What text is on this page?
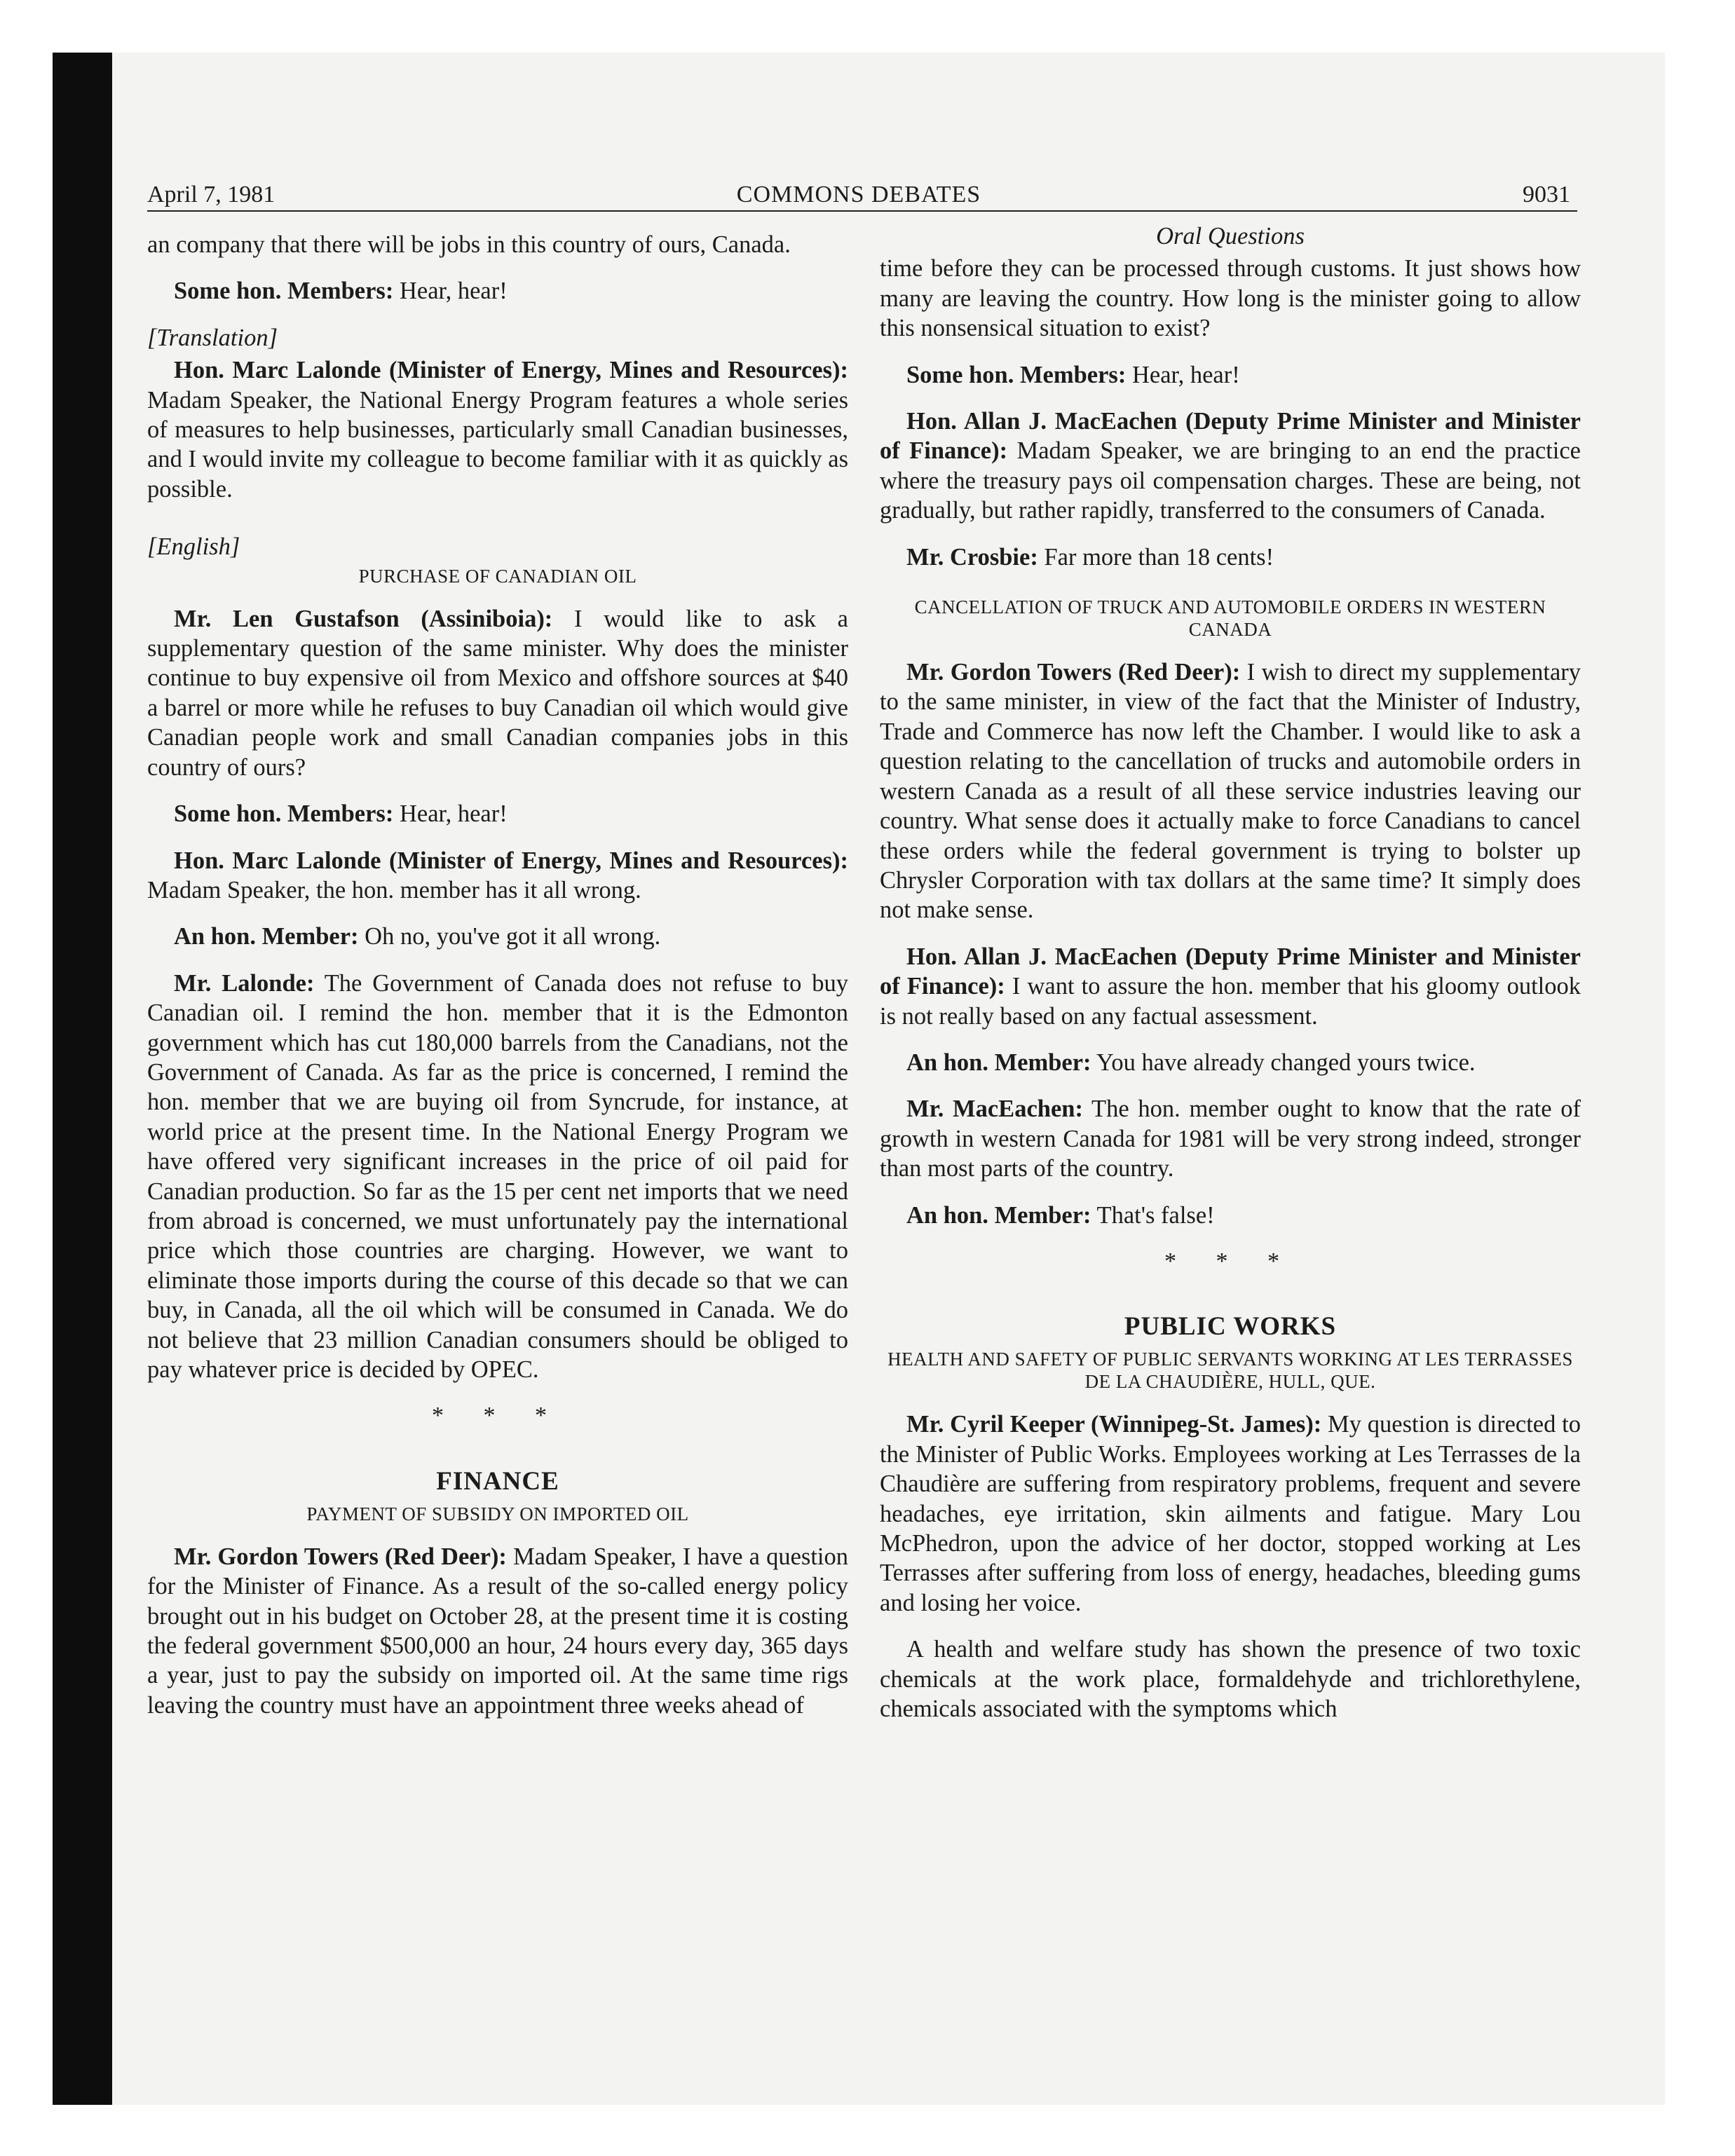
April 7, 1981	COMMONS DEBATES	9031

an company that there will be jobs in this country of ours, Canada.

Some hon. Members: Hear, hear!

[Translation]

Hon. Marc Lalonde (Minister of Energy, Mines and Resources): Madam Speaker, the National Energy Program features a whole series of measures to help businesses, particularly small Canadian businesses, and I would invite my colleague to become familiar with it as quickly as possible.

[English]
PURCHASE OF CANADIAN OIL

Mr. Len Gustafson (Assiniboia): I would like to ask a supplementary question of the same minister. Why does the minister continue to buy expensive oil from Mexico and offshore sources at $40 a barrel or more while he refuses to buy Canadian oil which would give Canadian people work and small Canadian companies jobs in this country of ours?

Some hon. Members: Hear, hear!

Hon. Marc Lalonde (Minister of Energy, Mines and Resources): Madam Speaker, the hon. member has it all wrong.

An hon. Member: Oh no, you've got it all wrong.

Mr. Lalonde: The Government of Canada does not refuse to buy Canadian oil. I remind the hon. member that it is the Edmonton government which has cut 180,000 barrels from the Canadians, not the Government of Canada. As far as the price is concerned, I remind the hon. member that we are buying oil from Syncrude, for instance, at world price at the present time. In the National Energy Program we have offered very significant increases in the price of oil paid for Canadian production. So far as the 15 per cent net imports that we need from abroad is concerned, we must unfortunately pay the international price which those countries are charging. However, we want to eliminate those imports during the course of this decade so that we can buy, in Canada, all the oil which will be consumed in Canada. We do not believe that 23 million Canadian consumers should be obliged to pay whatever price is decided by OPEC.

* * *
FINANCE
PAYMENT OF SUBSIDY ON IMPORTED OIL

Mr. Gordon Towers (Red Deer): Madam Speaker, I have a question for the Minister of Finance. As a result of the so-called energy policy brought out in his budget on October 28, at the present time it is costing the federal government $500,000 an hour, 24 hours every day, 365 days a year, just to pay the subsidy on imported oil. At the same time rigs leaving the country must have an appointment three weeks ahead of

Oral Questions

time before they can be processed through customs. It just shows how many are leaving the country. How long is the minister going to allow this nonsensical situation to exist?

Some hon. Members: Hear, hear!

Hon. Allan J. MacEachen (Deputy Prime Minister and Minister of Finance): Madam Speaker, we are bringing to an end the practice where the treasury pays oil compensation charges. These are being, not gradually, but rather rapidly, transferred to the consumers of Canada.

Mr. Crosbie: Far more than 18 cents!

CANCELLATION OF TRUCK AND AUTOMOBILE ORDERS IN WESTERN CANADA

Mr. Gordon Towers (Red Deer): I wish to direct my supplementary to the same minister, in view of the fact that the Minister of Industry, Trade and Commerce has now left the Chamber. I would like to ask a question relating to the cancellation of trucks and automobile orders in western Canada as a result of all these service industries leaving our country. What sense does it actually make to force Canadians to cancel these orders while the federal government is trying to bolster up Chrysler Corporation with tax dollars at the same time? It simply does not make sense.

Hon. Allan J. MacEachen (Deputy Prime Minister and Minister of Finance): I want to assure the hon. member that his gloomy outlook is not really based on any factual assessment.

An hon. Member: You have already changed yours twice.

Mr. MacEachen: The hon. member ought to know that the rate of growth in western Canada for 1981 will be very strong indeed, stronger than most parts of the country.

An hon. Member: That's false!

* * *
PUBLIC WORKS
HEALTH AND SAFETY OF PUBLIC SERVANTS WORKING AT LES TERRASSES DE LA CHAUDIÈRE, HULL, QUE.

Mr. Cyril Keeper (Winnipeg-St. James): My question is directed to the Minister of Public Works. Employees working at Les Terrasses de la Chaudière are suffering from respiratory problems, frequent and severe headaches, eye irritation, skin ailments and fatigue. Mary Lou McPhedron, upon the advice of her doctor, stopped working at Les Terrasses after suffering from loss of energy, headaches, bleeding gums and losing her voice.

A health and welfare study has shown the presence of two toxic chemicals at the work place, formaldehyde and trichlorethylene, chemicals associated with the symptoms which
